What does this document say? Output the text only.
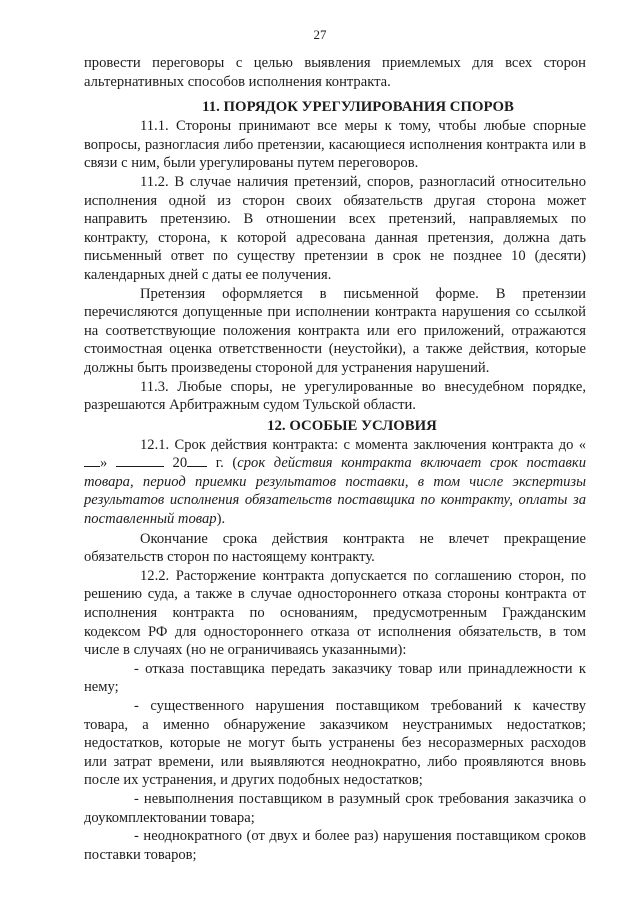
27

провести переговоры с целью выявления приемлемых для всех сторон альтернативных способов исполнения контракта.

11. ПОРЯДОК УРЕГУЛИРОВАНИЯ СПОРОВ

11.1. Стороны принимают все меры к тому, чтобы любые спорные вопросы, разногласия либо претензии, касающиеся исполнения контракта или в связи с ним, были урегулированы путем переговоров.

11.2. В случае наличия претензий, споров, разногласий относительно исполнения одной из сторон своих обязательств другая сторона может направить претензию. В отношении всех претензий, направляемых по контракту, сторона, к которой адресована данная претензия, должна дать письменный ответ по существу претензии в срок не позднее 10 (десяти) календарных дней с даты ее получения.

Претензия оформляется в письменной форме. В претензии перечисляются допущенные при исполнении контракта нарушения со ссылкой на соответствующие положения контракта или его приложений, отражаются стоимостная оценка ответственности (неустойки), а также действия, которые должны быть произведены стороной для устранения нарушений.

11.3. Любые споры, не урегулированные во внесудебном порядке, разрешаются Арбитражным судом Тульской области.

12. ОСОБЫЕ УСЛОВИЯ

12.1. Срок действия контракта: с момента заключения контракта до «»	20 г. (срок действия контракта включает срок поставки товара, период приемки результатов поставки, в том числе экспертизы результатов исполнения обязательств поставщика по контракту, оплаты за поставленный товар).

Окончание срока действия контракта не влечет прекращение обязательств сторон по настоящему контракту.

12.2. Расторжение контракта допускается по соглашению сторон, по решению суда, а также в случае одностороннего отказа стороны контракта от исполнения контракта по основаниям, предусмотренным Гражданским кодексом РФ для одностороннего отказа от исполнения обязательств, в том числе в случаях (но не ограничиваясь указанными):

- отказа поставщика передать заказчику товар или принадлежности к нему;

- существенного нарушения поставщиком требований к качеству товара, а именно обнаружение заказчиком неустранимых недостатков; недостатков, которые не могут быть устранены без несоразмерных расходов или затрат времени, или выявляются неоднократно, либо проявляются вновь после их устранения, и других подобных недостатков;

- невыполнения поставщиком в разумный срок требования заказчика о доукомплектовании товара;

- неоднократного (от двух и более раз) нарушения поставщиком сроков поставки товаров;
